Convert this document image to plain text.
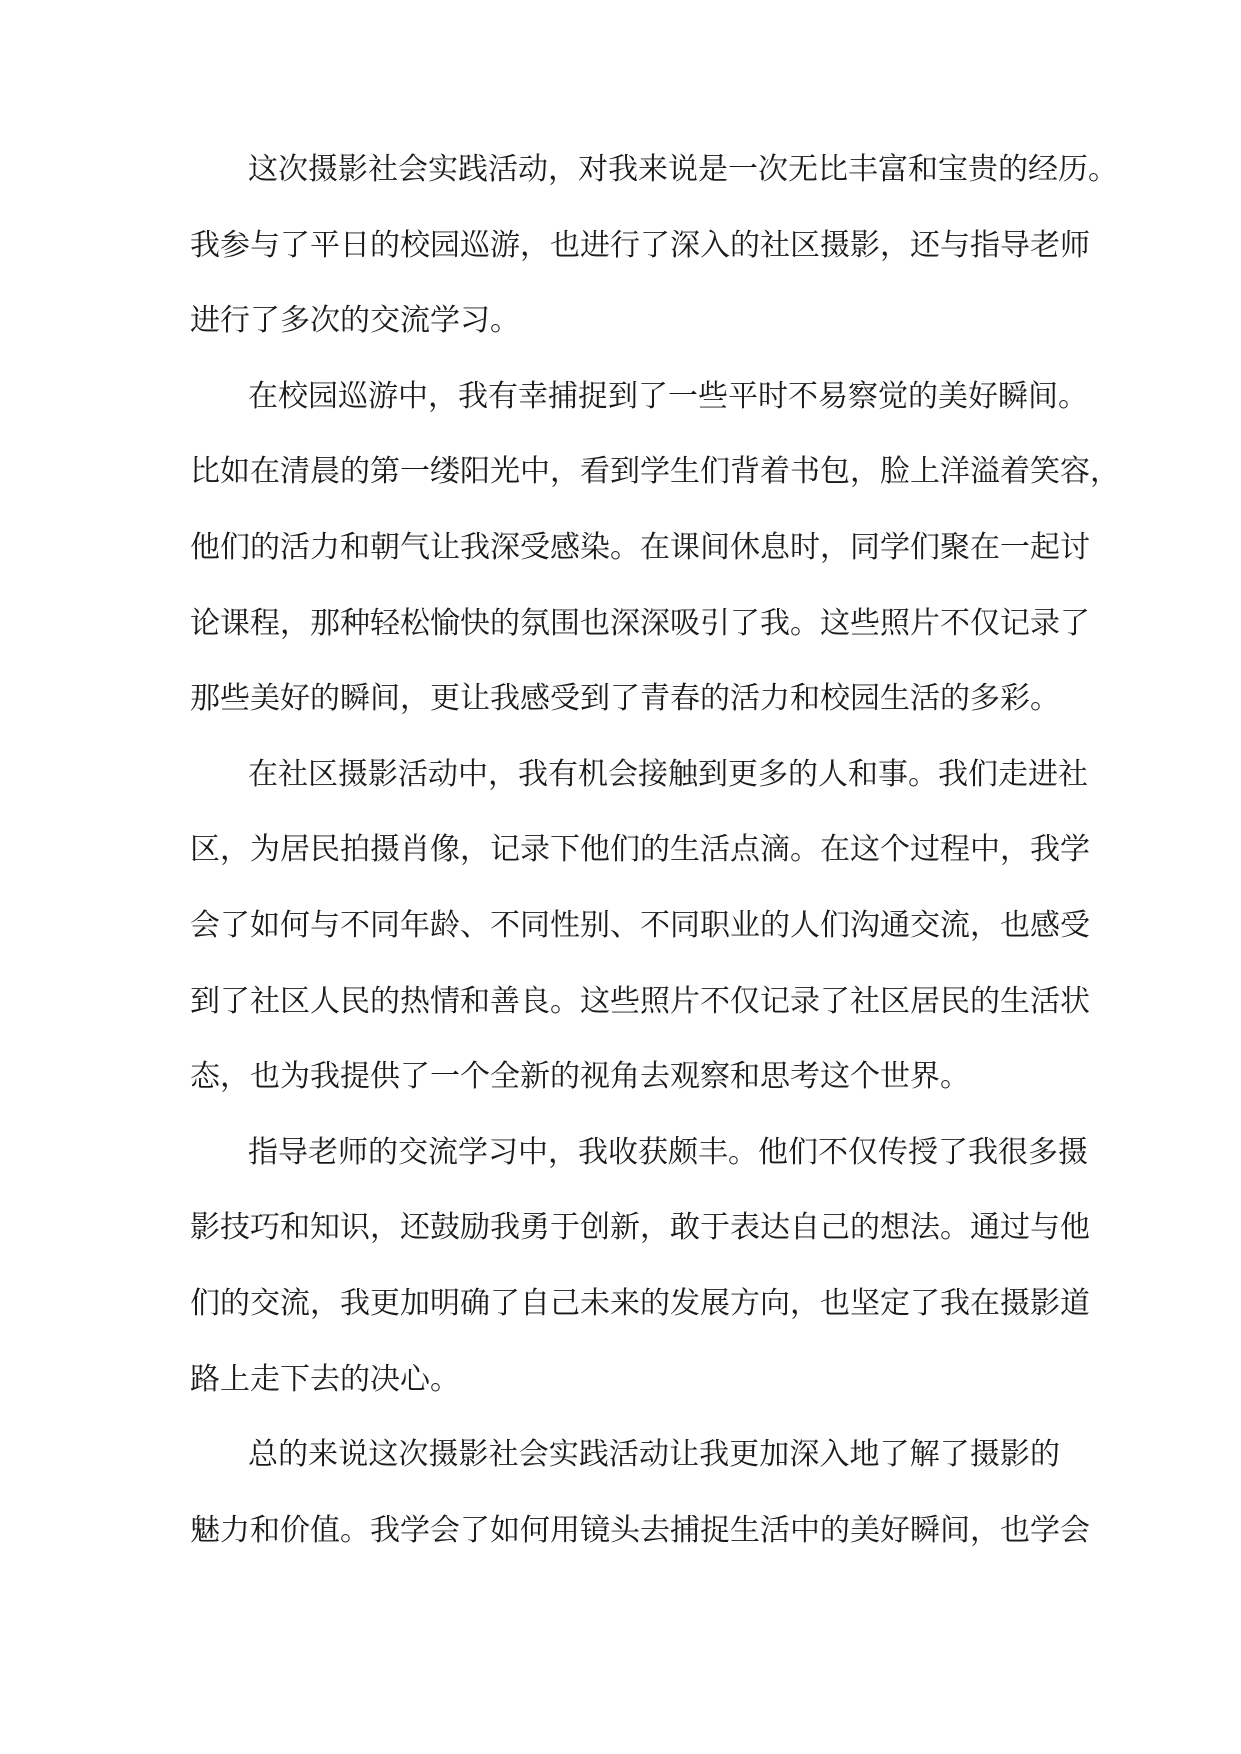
这次摄影社会实践活动，对我来说是一次无比丰富和宝贵的经历。
我参与了平日的校园巡游，也进行了深入的社区摄影，还与指导老师
进行了多次的交流学习。
在校园巡游中，我有幸捕捉到了一些平时不易察觉的美好瞬间。
比如在清晨的第一缕阳光中，看到学生们背着书包，脸上洋溢着笑容，
他们的活力和朝气让我深受感染。在课间休息时，同学们聚在一起讨
论课程，那种轻松愉快的氛围也深深吸引了我。这些照片不仅记录了
那些美好的瞬间，更让我感受到了青春的活力和校园生活的多彩。
在社区摄影活动中，我有机会接触到更多的人和事。我们走进社
区，为居民拍摄肖像，记录下他们的生活点滴。在这个过程中，我学
会了如何与不同年龄、不同性别、不同职业的人们沟通交流，也感受
到了社区人民的热情和善良。这些照片不仅记录了社区居民的生活状
态，也为我提供了一个全新的视角去观察和思考这个世界。
指导老师的交流学习中，我收获颇丰。他们不仅传授了我很多摄
影技巧和知识，还鼓励我勇于创新，敢于表达自己的想法。通过与他
们的交流，我更加明确了自己未来的发展方向，也坚定了我在摄影道
路上走下去的决心。
总的来说这次摄影社会实践活动让我更加深入地了解了摄影的
魅力和价值。我学会了如何用镜头去捕捉生活中的美好瞬间，也学会
